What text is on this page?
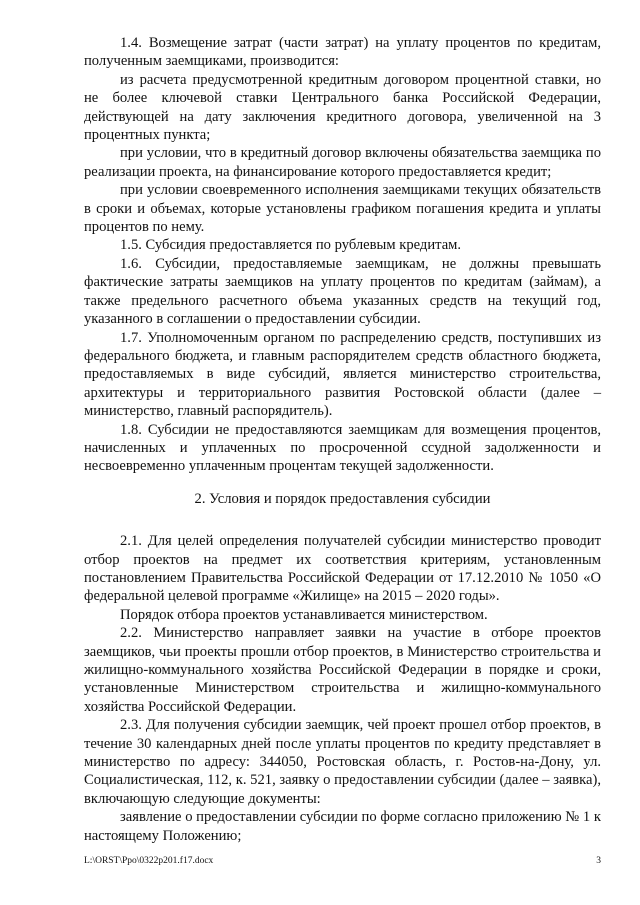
1.4. Возмещение затрат (части затрат) на уплату процентов по кредитам, полученным заемщиками, производится:

из расчета предусмотренной кредитным договором процентной ставки, но не более ключевой ставки Центрального банка Российской Федерации, действующей на дату заключения кредитного договора, увеличенной на 3 процентных пункта;

при условии, что в кредитный договор включены обязательства заемщика по реализации проекта, на финансирование которого предоставляется кредит;

при условии своевременного исполнения заемщиками текущих обязательств в сроки и объемах, которые установлены графиком погашения кредита и уплаты процентов по нему.

1.5. Субсидия предоставляется по рублевым кредитам.

1.6. Субсидии, предоставляемые заемщикам, не должны превышать фактические затраты заемщиков на уплату процентов по кредитам (займам), а также предельного расчетного объема указанных средств на текущий год, указанного в соглашении о предоставлении субсидии.

1.7. Уполномоченным органом по распределению средств, поступивших из федерального бюджета, и главным распорядителем средств областного бюджета, предоставляемых в виде субсидий, является министерство строительства, архитектуры и территориального развития Ростовской области (далее – министерство, главный распорядитель).

1.8. Субсидии не предоставляются заемщикам для возмещения процентов, начисленных и уплаченных по просроченной ссудной задолженности и несвоевременно уплаченным процентам текущей задолженности.

2. Условия и порядок предоставления субсидии

2.1. Для целей определения получателей субсидии министерство проводит отбор проектов на предмет их соответствия критериям, установленным постановлением Правительства Российской Федерации от 17.12.2010 № 1050 «О федеральной целевой программе «Жилище» на 2015 – 2020 годы».

Порядок отбора проектов устанавливается министерством.

2.2. Министерство направляет заявки на участие в отборе проектов заемщиков, чьи проекты прошли отбор проектов, в Министерство строительства и жилищно-коммунального хозяйства Российской Федерации в порядке и сроки, установленные Министерством строительства и жилищно-коммунального хозяйства Российской Федерации.

2.3. Для получения субсидии заемщик, чей проект прошел отбор проектов, в течение 30 календарных дней после уплаты процентов по кредиту представляет в министерство по адресу: 344050, Ростовская область, г. Ростов-на-Дону, ул. Социалистическая, 112, к. 521, заявку о предоставлении субсидии (далее – заявка), включающую следующие документы:

заявление о предоставлении субсидии по форме согласно приложению № 1 к настоящему Положению;

L:\ORST\Ppo\0322p201.f17.docx	3
